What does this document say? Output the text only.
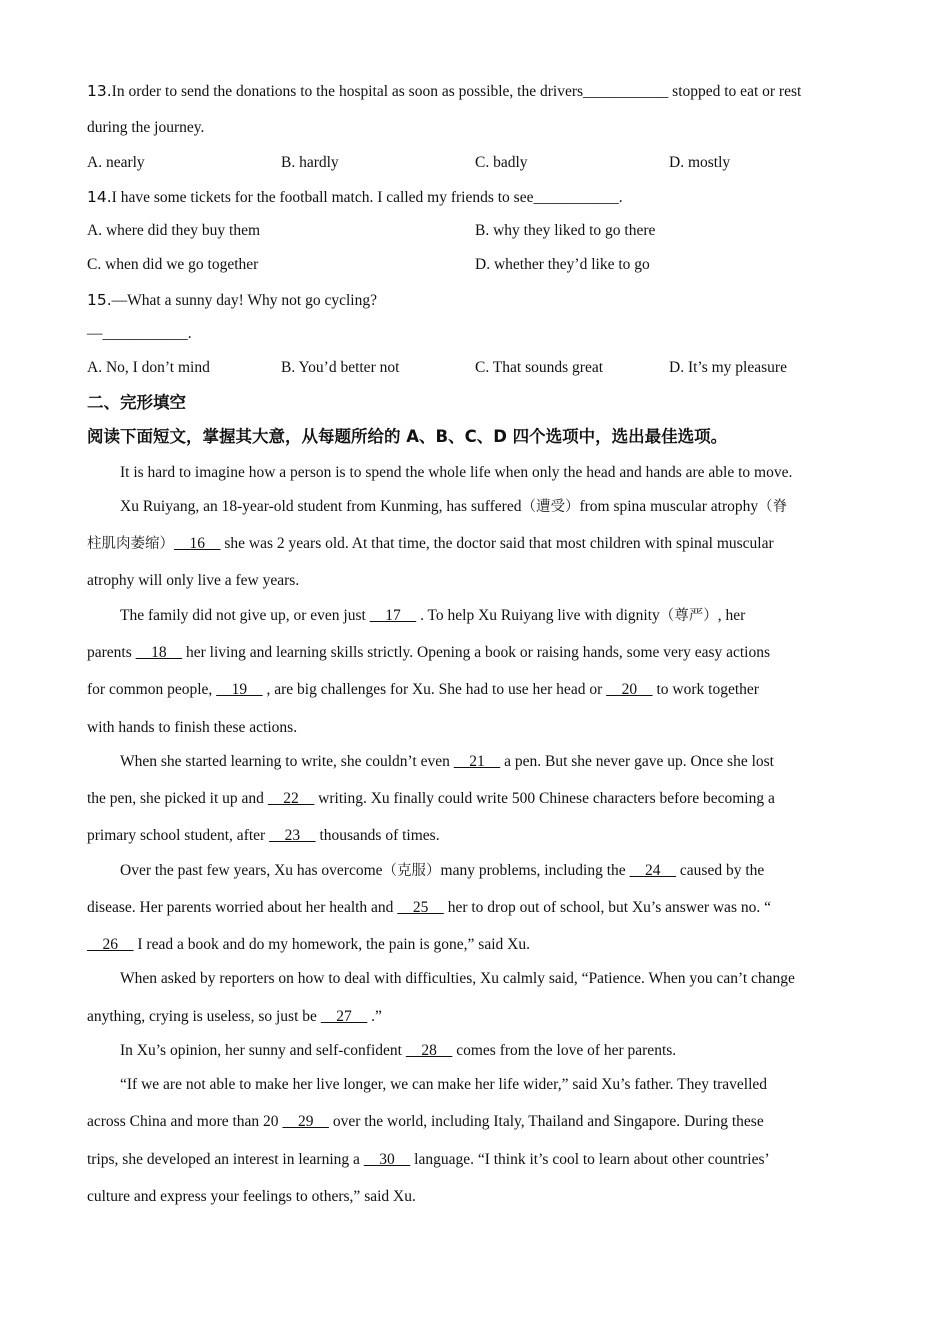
13.In order to send the donations to the hospital as soon as possible, the drivers___________ stopped to eat or rest
during the journey.
A. nearly	B. hardly	C. badly	D. mostly
14.I have some tickets for the football match. I called my friends to see___________.
A. where did they buy them	B. why they liked to go there
C. when did we go together	D. whether they’d like to go
15.—What a sunny day! Why not go cycling?
—___________.
A. No, I don’t mind	B. You’d better not	C. That sounds great	D. It’s my pleasure
二、完形填空
阅读下面短文，掌握其大意，从每题所给的 A、B、C、D 四个选项中，选出最佳选项。
It is hard to imagine how a person is to spend the whole life when only the head and hands are able to move.
Xu Ruiyang, an 18-year-old student from Kunming, has suffered（遭受）from spina muscular atrophy（脊
柱肌肉萎缩）    16     she was 2 years old. At that time, the doctor said that most children with spinal muscular
atrophy will only live a few years.
The family did not give up, or even just     17     . To help Xu Ruiyang live with dignity（尊严）, her
parents     18     her living and learning skills strictly. Opening a book or raising hands, some very easy actions
for common people,     19     , are big challenges for Xu. She had to use her head or     20     to work together
with hands to finish these actions.
When she started learning to write, she couldn’t even     21     a pen. But she never gave up. Once she lost
the pen, she picked it up and     22     writing. Xu finally could write 500 Chinese characters before becoming a
primary school student, after     23     thousands of times.
Over the past few years, Xu has overcome（克服）many problems, including the     24     caused by the
disease. Her parents worried about her health and     25     her to drop out of school, but Xu’s answer was no. “
26     I read a book and do my homework, the pain is gone,” said Xu.
When asked by reporters on how to deal with difficulties, Xu calmly said, “Patience. When you can’t change
anything, crying is useless, so just be     27     .”
In Xu’s opinion, her sunny and self-confident     28     comes from the love of her parents.
“If we are not able to make her live longer, we can make her life wider,” said Xu’s father. They travelled
across China and more than 20     29     over the world, including Italy, Thailand and Singapore. During these
trips, she developed an interest in learning a     30     language. “I think it’s cool to learn about other countries’
culture and express your feelings to others,” said Xu.
